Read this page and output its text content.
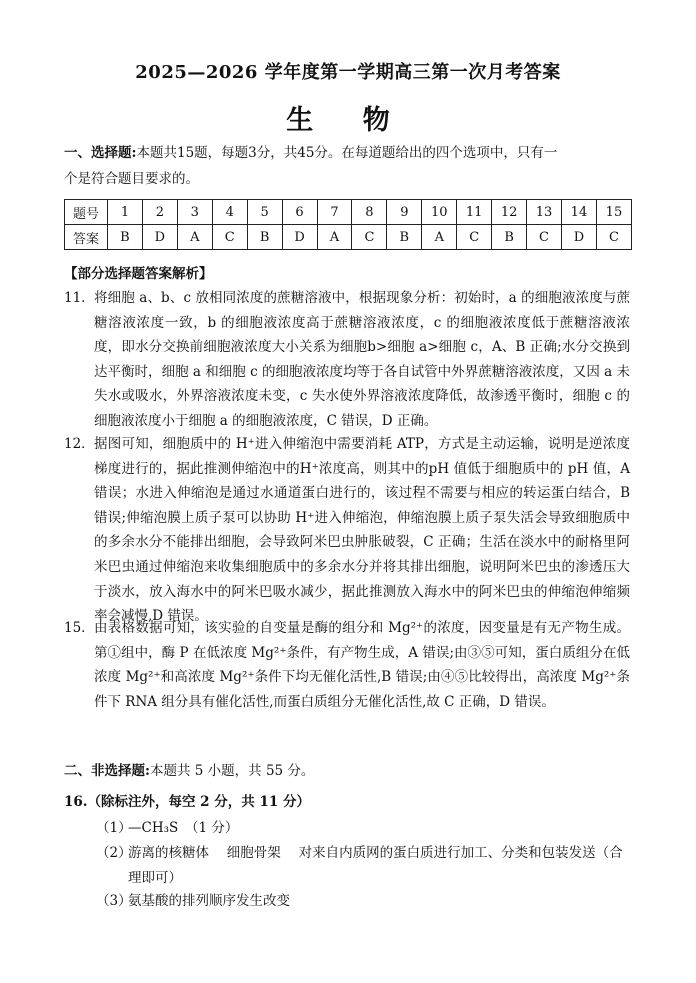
2025—2026 学年度第一学期高三第一次月考答案
生 物
一、选择题:本题共15题，每题3分，共45分。在每道题给出的四个选项中，只有一
个是符合题目要求的。
题号	1	2	3	4	5	6	7	8	9	10	11	12	13	14	15
答案	B	D	A	C	B	D	A	C	B	A	C	B	C	D	C
【部分选择题答案解析】
11． 将细胞 a、b、c 放相同浓度的蔗糖溶液中，根据现象分析：初始时，a 的细胞液浓度与蔗糖溶液浓度一致，b 的细胞液浓度高于蔗糖溶液浓度，c 的细胞液浓度低于蔗糖溶液浓度，即水分交换前细胞液浓度大小关系为细胞b>细胞 a>细胞 c，A、B 正确;水分交换到达平衡时，细胞 a 和细胞 c 的细胞液浓度均等于各自试管中外界蔗糖溶液浓度，又因 a 未失水或吸水，外界溶液浓度未变，c 失水使外界溶液浓度降低，故渗透平衡时，细胞 c 的细胞液浓度小于细胞 a 的细胞液浓度，C 错误，D 正确。
12． 据图可知，细胞质中的 H⁺进入伸缩泡中需要消耗 ATP，方式是主动运输，说明是逆浓度梯度进行的，据此推测伸缩泡中的H⁺浓度高，则其中的pH 值低于细胞质中的 pH 值，A 错误；水进入伸缩泡是通过水通道蛋白进行的，该过程不需要与相应的转运蛋白结合，B 错误;伸缩泡膜上质子泵可以协助 H⁺进入伸缩泡，伸缩泡膜上质子泵失活会导致细胞质中的多余水分不能排出细胞，会导致阿米巴虫肿胀破裂，C 正确；生活在淡水中的耐格里阿米巴虫通过伸缩泡来收集细胞质中的多余水分并将其排出细胞，说明阿米巴虫的渗透压大于淡水，放入海水中的阿米巴吸水减少，据此推测放入海水中的阿米巴虫的伸缩泡伸缩频率会减慢,D 错误。
15． 由表格数据可知，该实验的自变量是酶的组分和 Mg²⁺的浓度，因变量是有无产物生成。第①组中，酶 P 在低浓度 Mg²⁺条件，有产物生成，A 错误;由③⑤可知，蛋白质组分在低浓度 Mg²⁺和高浓度 Mg²⁺条件下均无催化活性,B 错误;由④⑤比较得出，高浓度 Mg²⁺条件下 RNA 组分具有催化活性,而蛋白质组分无催化活性,故 C 正确，D 错误。
二、非选择题:本题共 5 小题，共 55 分。
16.（除标注外，每空 2 分，共 11 分）
（1）
—CH₃S　（1 分）
（2）
游离的核糖体　 细胞骨架　 对来自内质网的蛋白质进行加工、分类和包装发送（合理即可）
（3）
氨基酸的排列顺序发生改变
